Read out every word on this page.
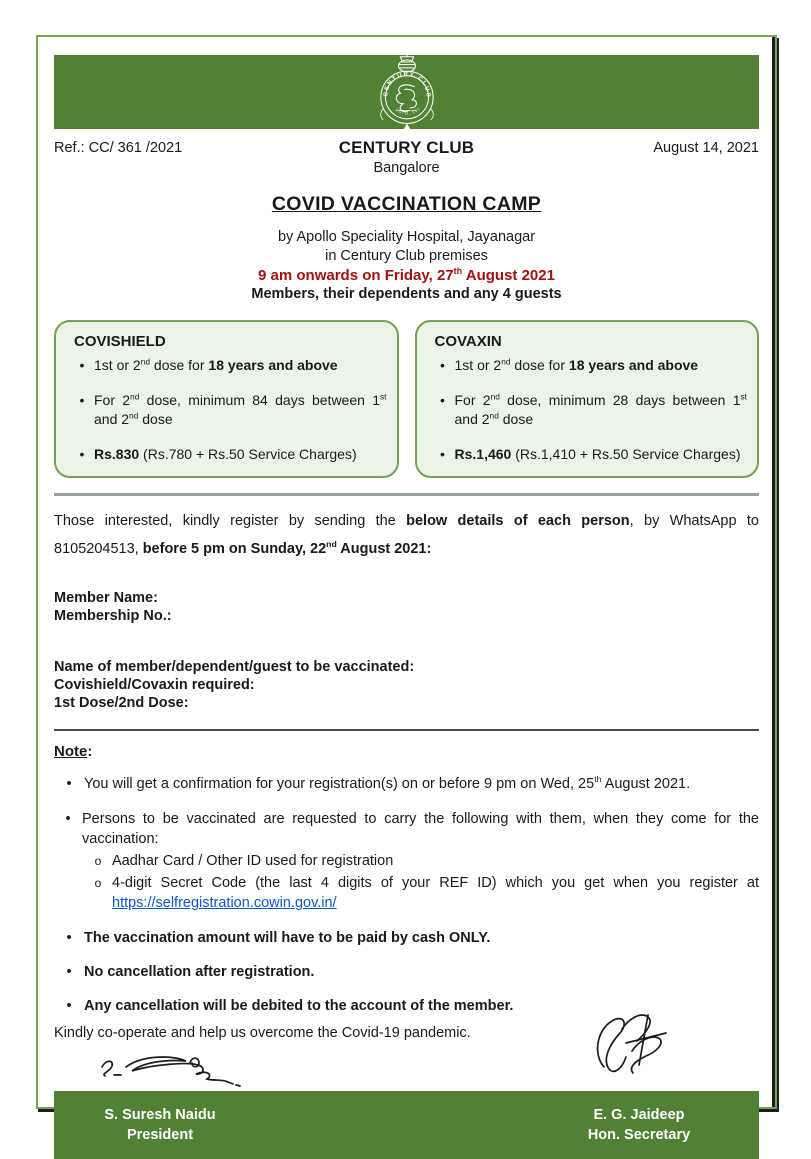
CENTURY CLUB
ESTD. 1917
Ref.: CC/ 361 /2021	CENTURY CLUB
Bangalore
August 14, 2021
COVID VACCINATION CAMP
by Apollo Speciality Hospital, Jayanagar
in Century Club premises
9 am onwards on Friday, 27th August 2021
Members, their dependents and any 4 guests
COVISHIELD
•
1st or 2nd dose for 18 years and above
•
For 2nd dose, minimum 84 days between 1st and 2nd dose
•
Rs.830 (Rs.780 + Rs.50 Service Charges)
COVAXIN
•
1st or 2nd dose for 18 years and above
•
For 2nd dose, minimum 28 days between 1st and 2nd dose
•
Rs.1,460 (Rs.1,410 + Rs.50 Service Charges)
Those interested, kindly register by sending the below details of each person, by WhatsApp to 8105204513, before 5 pm on Sunday, 22nd August 2021:
Member Name:
Membership No.:
Name of member/dependent/guest to be vaccinated:
Covishield/Covaxin required:
1st Dose/2nd Dose:
Note:
•
You will get a confirmation for your registration(s) on or before 9 pm on Wed, 25th August 2021.
•
Persons to be vaccinated are requested to carry the following with them, when they come for the vaccination:
o
Aadhar Card / Other ID used for registration
o
4-digit Secret Code (the last 4 digits of your REF ID) which you get when you register at https://selfregistration.cowin.gov.in/
•
The vaccination amount will have to be paid by cash ONLY.
•
No cancellation after registration.
•
Any cancellation will be debited to the account of the member.
Kindly co-operate and help us overcome the Covid-19 pandemic.
S. Suresh Naidu
President
E. G. Jaideep
Hon. Secretary
